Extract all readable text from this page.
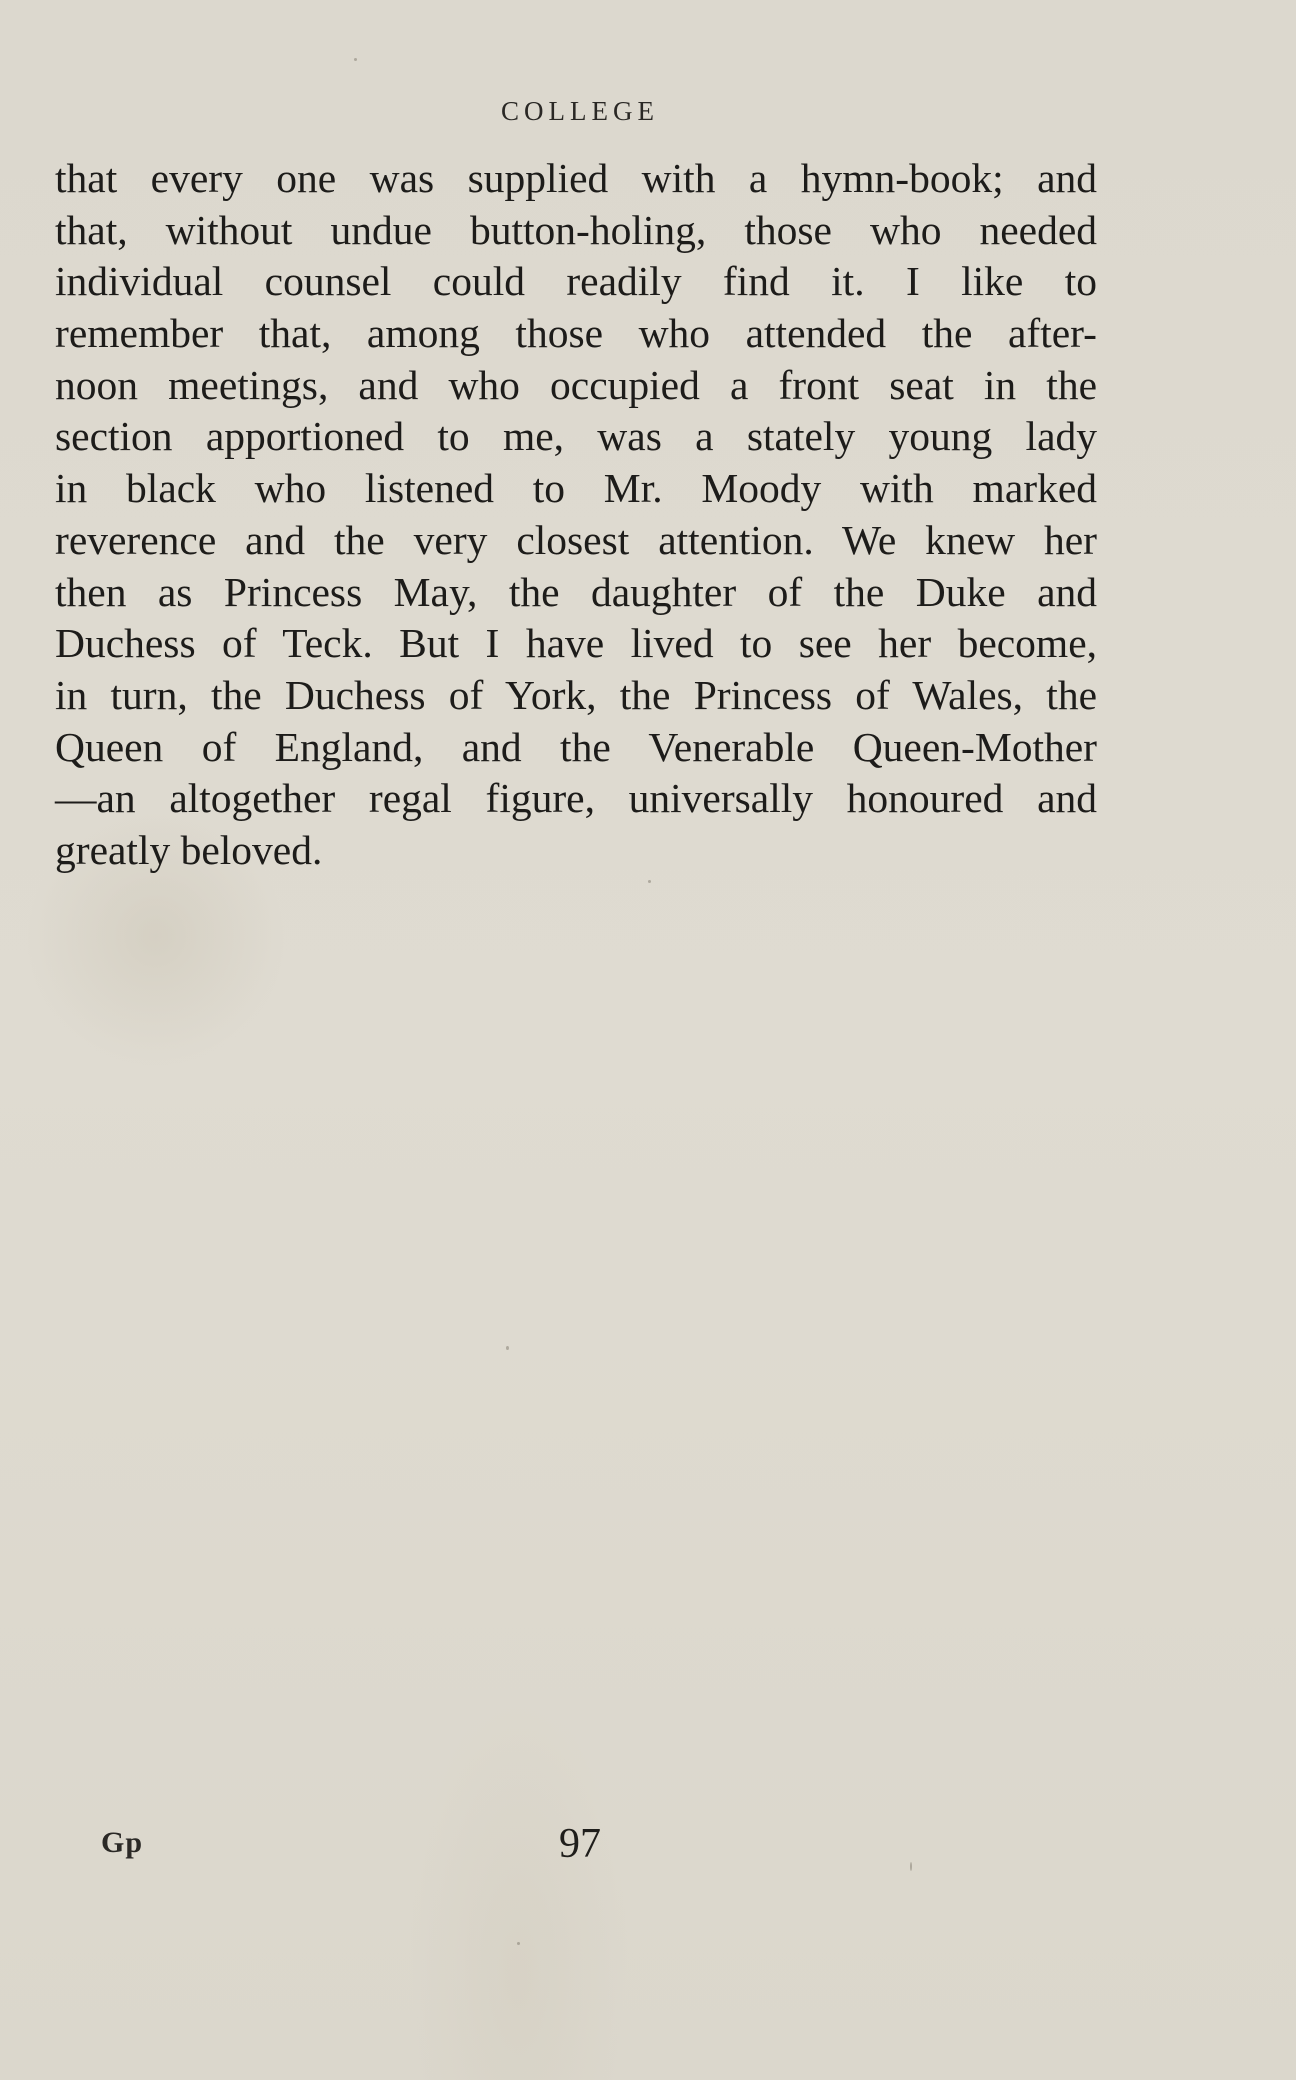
COLLEGE
that every one was supplied with a hymn-book; and
that, without undue button-holing, those who needed
individual counsel could readily find it. I like to
remember that, among those who attended the after-
noon meetings, and who occupied a front seat in the
section apportioned to me, was a stately young lady
in black who listened to Mr. Moody with marked
reverence and the very closest attention. We knew her
then as Princess May, the daughter of the Duke and
Duchess of Teck. But I have lived to see her become,
in turn, the Duchess of York, the Princess of Wales, the
Queen of England, and the Venerable Queen-Mother
—an altogether regal figure, universally honoured and
greatly beloved.
Gp	97
